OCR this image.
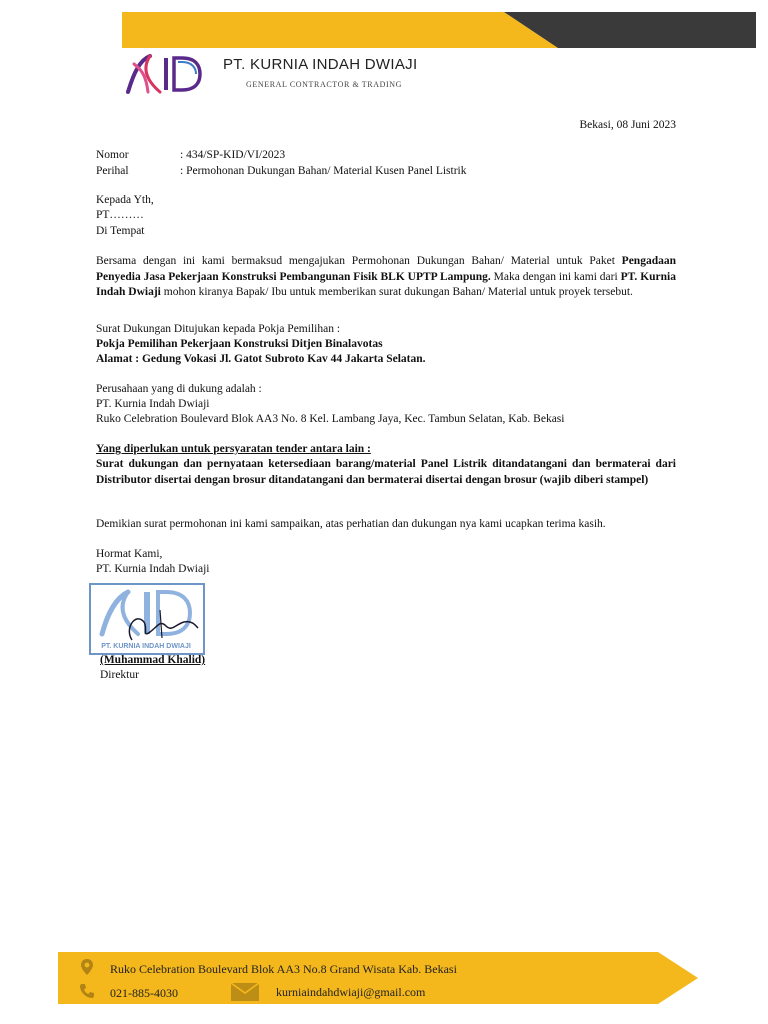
PT. KURNIA INDAH DWIAJI
GENERAL CONTRACTOR & TRADING
Bekasi, 08 Juni 2023
Nomor	: 434/SP-KID/VI/2023
Perihal	: Permohonan Dukungan Bahan/ Material Kusen Panel Listrik
Kepada Yth,
PT………
Di Tempat
Bersama dengan ini kami bermaksud mengajukan Permohonan Dukungan Bahan/ Material untuk Paket Pengadaan Penyedia Jasa Pekerjaan Konstruksi Pembangunan Fisik BLK UPTP Lampung. Maka dengan ini kami dari PT. Kurnia Indah Dwiaji mohon kiranya Bapak/ Ibu untuk memberikan surat dukungan Bahan/ Material untuk proyek tersebut.
Surat Dukungan Ditujukan kepada Pokja Pemilihan :
Pokja Pemilihan Pekerjaan Konstruksi Ditjen Binalavotas
Alamat : Gedung Vokasi Jl. Gatot Subroto Kav 44 Jakarta Selatan.
Perusahaan yang di dukung adalah :
PT. Kurnia Indah Dwiaji
Ruko Celebration Boulevard Blok AA3 No. 8 Kel. Lambang Jaya, Kec. Tambun Selatan, Kab. Bekasi
Yang diperlukan untuk persyaratan tender antara lain :
Surat dukungan dan pernyataan ketersediaan barang/material Panel Listrik ditandatangani dan bermaterai dari Distributor disertai dengan brosur ditandatangani dan bermaterai disertai dengan brosur (wajib diberi stampel)
Demikian surat permohonan ini kami sampaikan, atas perhatian dan dukungan nya kami ucapkan terima kasih.
Hormat Kami,
PT. Kurnia Indah Dwiaji
PT. KURNIA INDAH DWIAJI
(Muhammad Khalid)
Direktur
Ruko Celebration Boulevard Blok AA3 No.8 Grand Wisata Kab. Bekasi
021-885-4030	kurniaindahdwiaji@gmail.com
